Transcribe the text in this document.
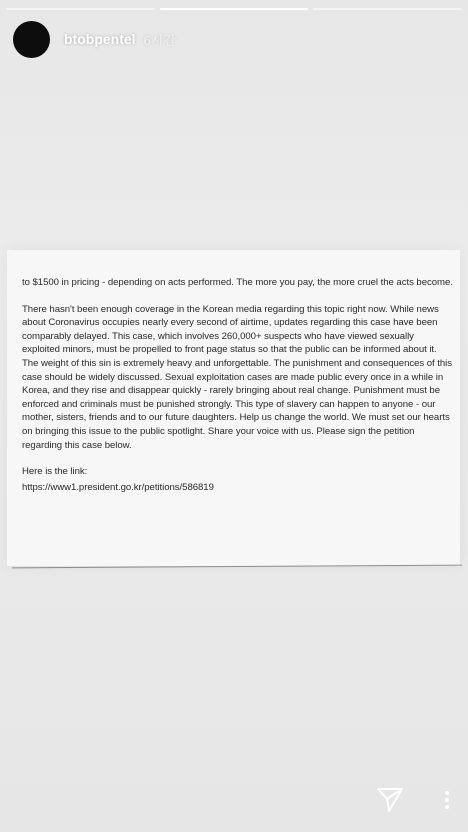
btobpentel 6시간

to $1500 in pricing - depending on acts performed. The more you pay, the more cruel the acts become.

There hasn't been enough coverage in the Korean media regarding this topic right now. While news about Coronavirus occupies nearly every second of airtime, updates regarding this case have been comparably delayed. This case, which involves 260,000+ suspects who have viewed sexually exploited minors, must be propelled to front page status so that the public can be informed about it. The weight of this sin is extremely heavy and unforgettable. The punishment and consequences of this case should be widely discussed. Sexual exploitation cases are made public every once in a while in Korea, and they rise and disappear quickly - rarely bringing about real change. Punishment must be enforced and criminals must be punished strongly. This type of slavery can happen to anyone - our mother, sisters, friends and to our future daughters. Help us change the world. We must set our hearts on bringing this issue to the public spotlight. Share your voice with us. Please sign the petition regarding this case below.

Here is the link:

https://www1.president.go.kr/petitions/586819
